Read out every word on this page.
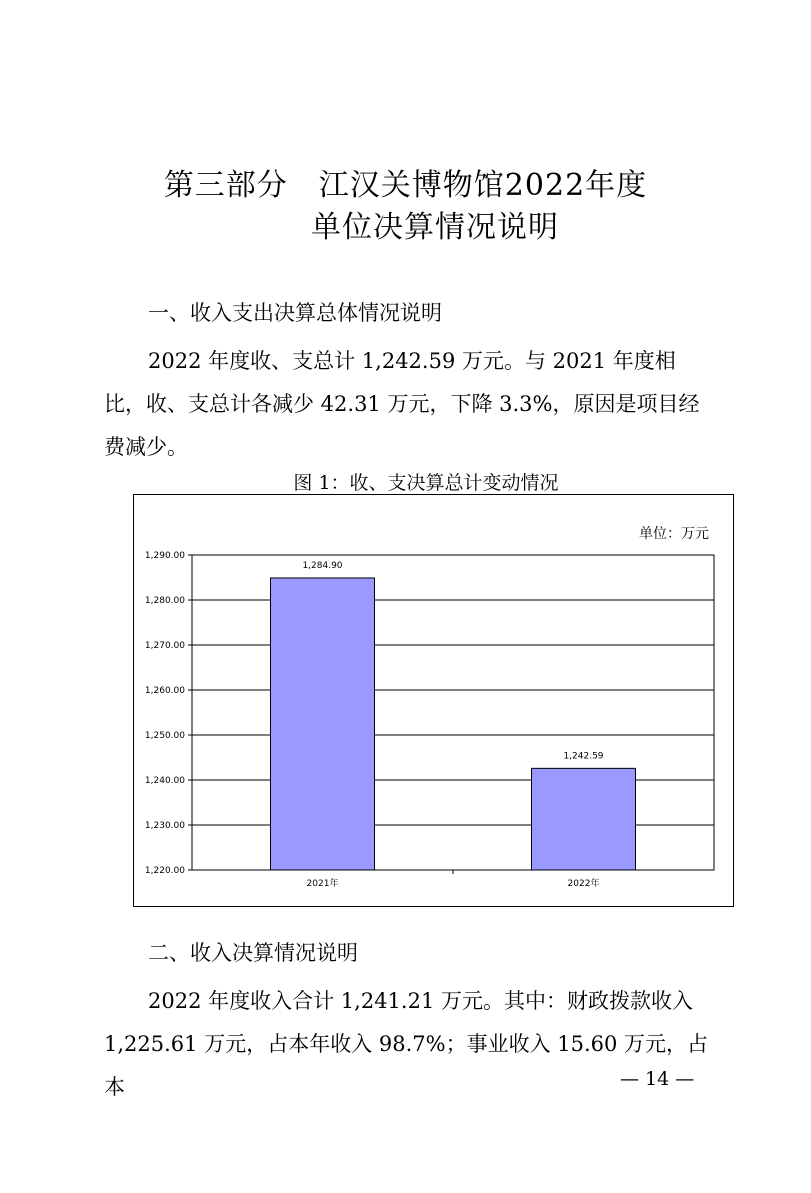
第三部分　江汉关博物馆2022年度
单位决算情况说明
一、收入支出决算总体情况说明
2022 年度收、支总计 1,242.59 万元。与 2021 年度相比，收、支总计各减少 42.31 万元，下降 3.3%，原因是项目经费减少。
图 1：收、支决算总计变动情况
单位：万元
1,220.00
1,230.00
1,240.00
1,250.00
1,260.00
1,270.00
1,280.00
1,290.00
1,284.90
2021年
1,242.59
2022年
二、收入决算情况说明
2022 年度收入合计 1,241.21 万元。其中：财政拨款收入 1,225.61 万元，占本年收入 98.7%；事业收入 15.60 万元，占本	— 14 —
